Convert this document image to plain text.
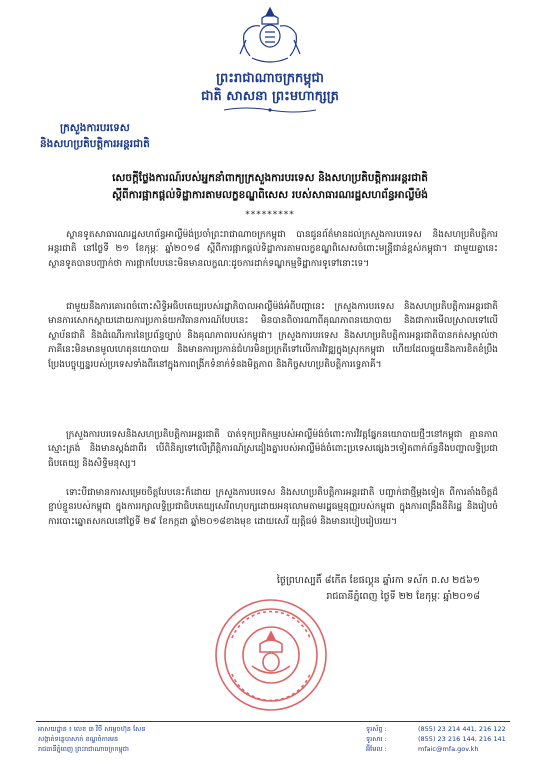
ព្រះរាជាណាចក្រកម្ពុជា
ជាតិ សាសនា ព្រះមហាក្សត្រ
ក្រសួងការបរទេស
និងសហប្រតិបត្តិការអន្តរជាតិ
សេចក្តីថ្លែងការណ៍របស់អ្នកនាំពាក្យក្រសួងការបរទេស និងសហប្រតិបត្តិការអន្តរជាតិ
ស្តីពីការផ្អាកផ្តល់ទិដ្ឋាការតាមលក្ខខណ្ឌពិសេស របស់សាធារណរដ្ឋសហព័ន្ធអាល្លឺម៉ង់
*********
ស្ថានទូតសាធារណរដ្ឋសហព័ន្ធអាល្លឺម៉ង់ប្រចាំព្រះរាជាណាចក្រកម្ពុជា បានជូនព័ត៌មានដល់ក្រសួងការបរទេស និងសហប្រតិបត្តិការអន្តរជាតិ នៅថ្ងៃទី ២១ ខែកុម្ភៈ ឆ្នាំ២០១៨ ស្តីពីការផ្អាកផ្តល់ទិដ្ឋាការតាមលក្ខខណ្ឌពិសេសចំពោះមន្ត្រីជាន់ខ្ពស់កម្ពុជា។ ជាមួយគ្នានេះ ស្ថានទូតបានបញ្ជាក់ថា ការផ្អាកបែបនេះមិនមានលក្ខណៈដូចការដាក់ទណ្ឌកម្មទិដ្ឋាការទូទៅនោះទេ។
ជាមួយនឹងការគោរពចំពោះសិទ្ធិអធិបតេយ្យរបស់រដ្ឋាភិបាលអាល្លឺម៉ង់អំពីបញ្ហានេះ ក្រសួងការបរទេស និងសហប្រតិបត្តិការអន្តរជាតិ មានការសោកស្តាយដោយការប្រកាន់យកវិធានការណ៍បែបនេះ មិនបានពិចារណាពីគុណភាពនយោបាយ និងជាការមើលស្រាលទៅលើស្ថាប័នជាតិ និងដំណើរការនៃប្រព័ន្ធច្បាប់ និងគុណភាពរបស់កម្ពុជា។ ក្រសួងការបរទេស និងសហប្រតិបត្តិការអន្តរជាតិបានកត់សម្គាល់ថា ភាគីនេះមិនមានមូលហេតុនយោបាយ និងមានការប្រកាន់ជំហរមិនប្រក្រតីទៅលើការវិវឌ្ឍក្នុងស្រុកកម្ពុជា ហើយដែលផ្ទុយនឹងការខិតខំប្រឹងប្រែងបច្ចុប្បន្នរបស់ប្រទេសទាំងពីរនៅក្នុងការពង្រីកទំនាក់ទំនងមិត្តភាព និងកិច្ចសហប្រតិបត្តិការទ្វេភាគី។
ក្រសួងការបរទេសនិងសហប្រតិបត្តិការអន្តរជាតិ បាត់ទុកប្រតិកម្មរបស់អាល្លឺម៉ង់ចំពោះការវិវត្តផ្នែកនយោបាយថ្មីៗនៅកម្ពុជា គ្មានភាពស្មោះត្រង់ និងមានស្តង់ដាពីរ បើពិនិត្យទៅលើព្រឹត្តិការណ៍ស្រដៀងគ្នារបស់អាល្លឺម៉ង់ចំពោះប្រទេសផ្សេងៗទៀតពាក់ព័ន្ធនឹងបញ្ហាលទ្ធិប្រជាធិបតេយ្យ និងសិទ្ធិមនុស្ស។
ទោះបីជាមានការសម្រេចចិត្តបែបនេះក៏ដោយ ក្រសួងការបរទេស និងសហប្រតិបត្តិការអន្តរជាតិ បញ្ជាក់ជាថ្មីម្តងទៀត ពីការតាំងចិត្តដ៏ខ្ជាប់ខ្ជួនរបស់កម្ពុជា ក្នុងការរក្សាលទ្ធិប្រជាធិបតេយ្យសេរីពហុបក្សដោយអនុលោមតាមរដ្ឋធម្មនុញ្ញរបស់កម្ពុជា ក្នុងការពង្រឹងនីតិរដ្ឋ និងរៀបចំការបោះឆ្នោតសកលនៅថ្ងៃទី ២៩ ខែកក្កដា ឆ្នាំ២០១៨ខាងមុខ ដោយសេរី យុត្តិធម៌ និងមានរបៀបរៀបរយ។
ថ្ងៃព្រហស្បតិ៍ ៨កើត ខែផល្គុន ឆ្នាំរកា ទស័ក ព.ស ២៥៦១
រាជធានីភ្នំពេញ ថ្ងៃទី ២២ ខែកុម្ភៈ ឆ្នាំ២០១៨
អាសយដ្ឋាន ៖ លេខ ៣ វិថី សម្តេចហ៊ុន សែន
សង្កាត់ទន្លេបាសាក់ ខណ្ឌចំការមន
រាជធានីភ្នំពេញ ព្រះរាជាណាចក្រកម្ពុជា
ទូរស័ព្ទ :	(855) 23 214 441, 216 122
ទូរសារ :	(855) 23 216 144, 216 141
អ៊ីមែល :	mfaic@mfa.gov.kh
